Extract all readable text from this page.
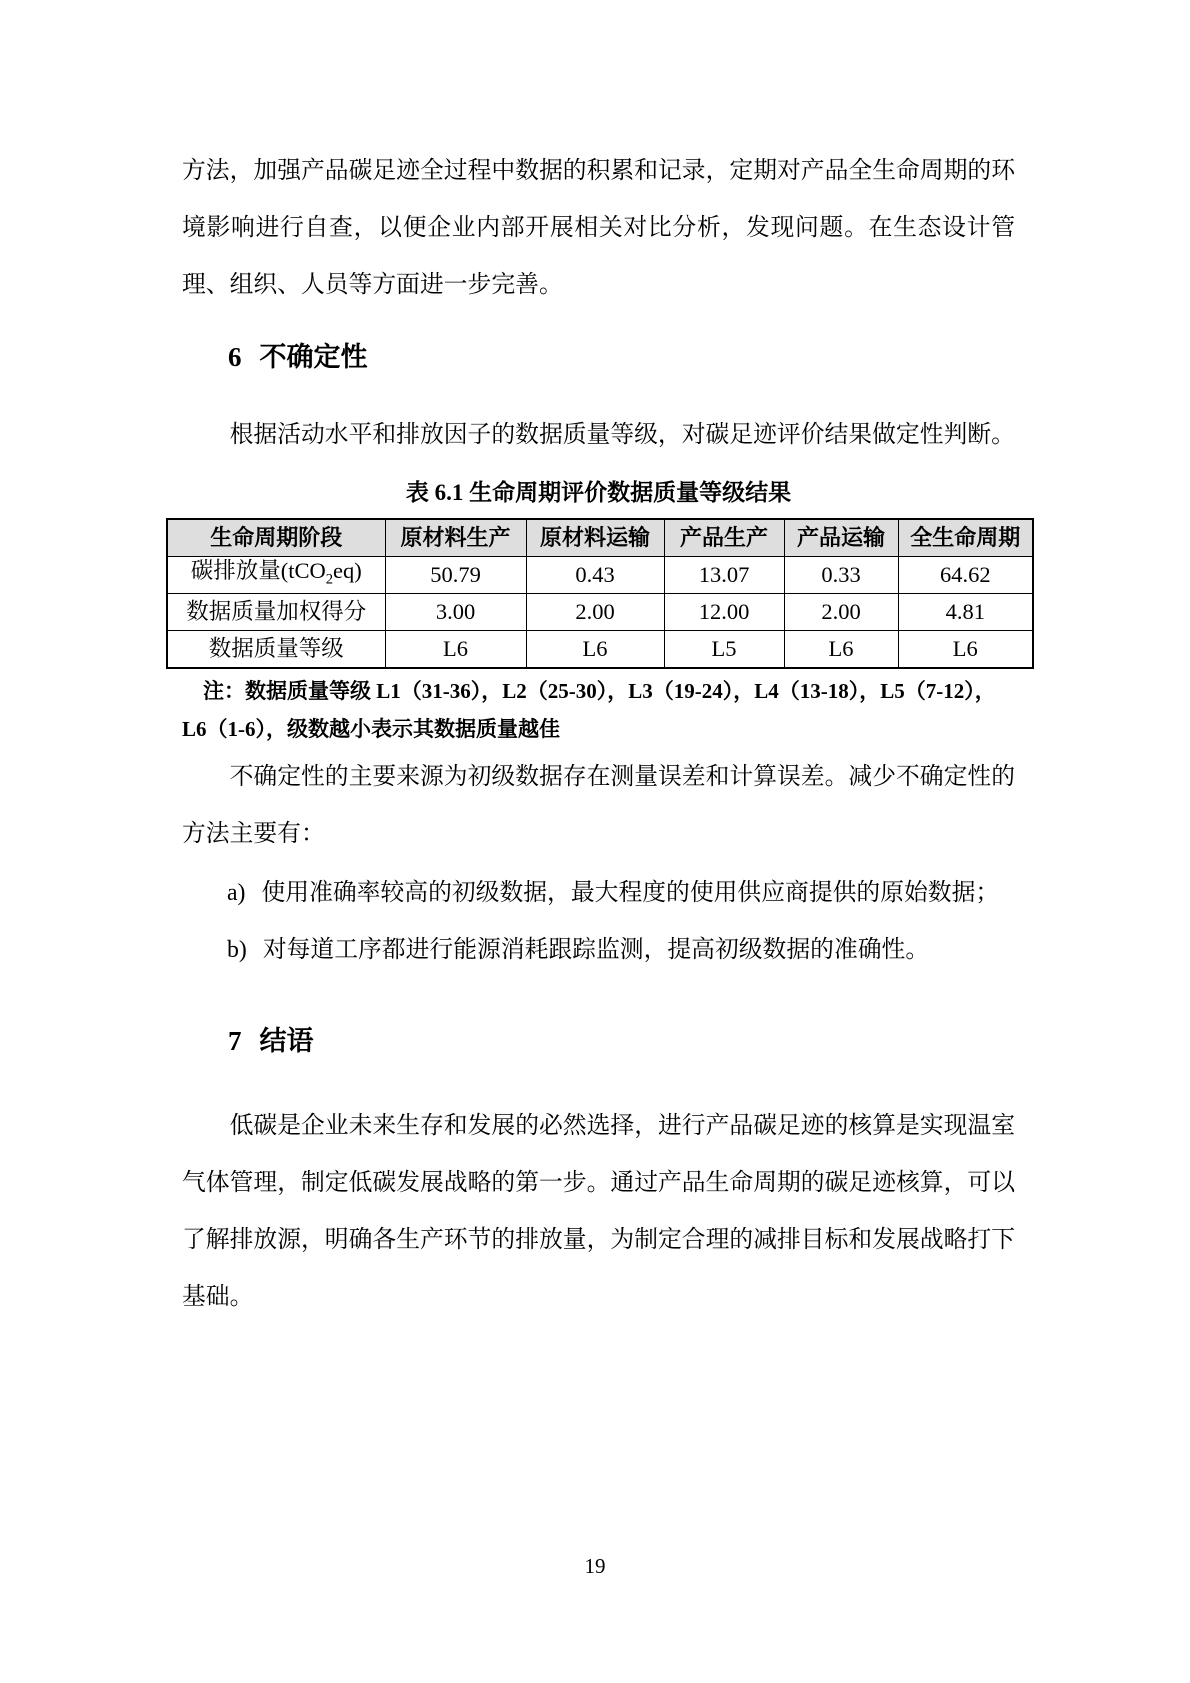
方法，加强产品碳足迹全过程中数据的积累和记录，定期对产品全生命周期的环境影响进行自查，以便企业内部开展相关对比分析，发现问题。在生态设计管理、组织、人员等方面进一步完善。
6 不确定性
根据活动水平和排放因子的数据质量等级，对碳足迹评价结果做定性判断。
表 6.1 生命周期评价数据质量等级结果
生命周期阶段	原材料生产	原材料运输	产品生产	产品运输	全生命周期
碳排放量(tCO$_2$eq)	50.79	0.43	13.07	0.33	64.62
数据质量加权得分	3.00	2.00	12.00	2.00	4.81
数据质量等级	L6	L6	L5	L6	L6
注：数据质量等级 L1（31-36），L2（25-30），L3（19-24），L4（13-18），L5（7-12），
L6（1-6），级数越小表示其数据质量越佳
不确定性的主要来源为初级数据存在测量误差和计算误差。减少不确定性的方法主要有：
a) 使用准确率较高的初级数据，最大程度的使用供应商提供的原始数据；
b) 对每道工序都进行能源消耗跟踪监测，提高初级数据的准确性。
7 结语
低碳是企业未来生存和发展的必然选择，进行产品碳足迹的核算是实现温室气体管理，制定低碳发展战略的第一步。通过产品生命周期的碳足迹核算，可以了解排放源，明确各生产环节的排放量，为制定合理的减排目标和发展战略打下基础。
19
